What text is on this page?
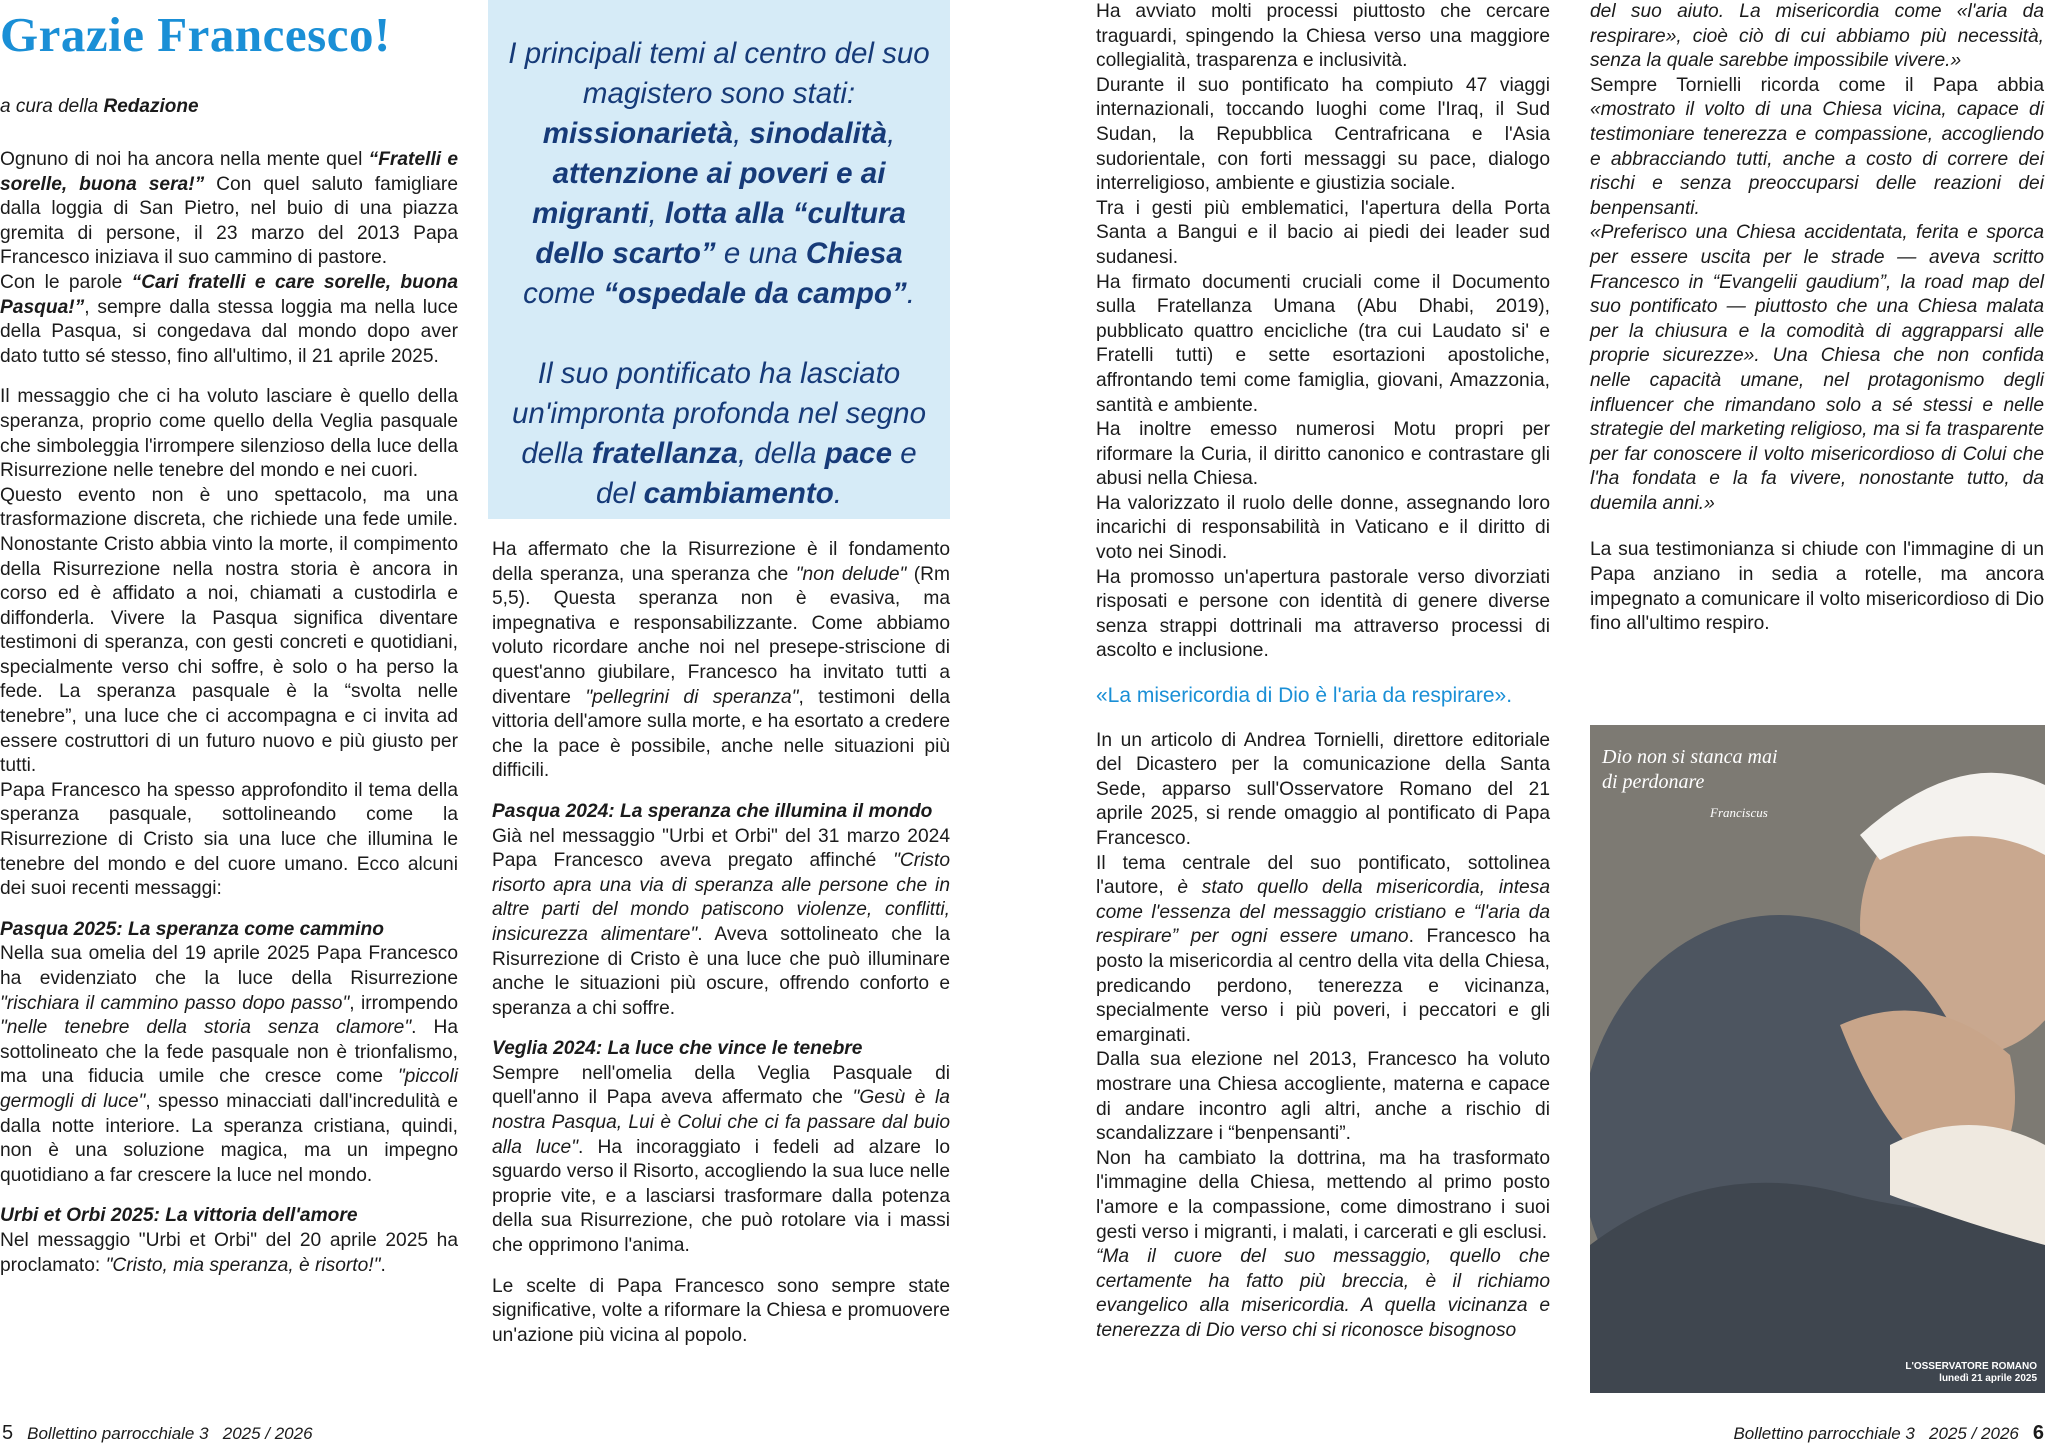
Grazie Francesco!
a cura della Redazione

Ognuno di noi ha ancora nella mente quel “Fratelli e sorelle, buona sera!” Con quel saluto famigliare dalla loggia di San Pietro, nel buio di una piazza gremita di persone, il 23 marzo del 2013 Papa Francesco iniziava il suo cammino di pastore.

Con le parole “Cari fratelli e care sorelle, buona Pasqua!”, sempre dalla stessa loggia ma nella luce della Pasqua, si congedava dal mondo dopo aver dato tutto sé stesso, fino all'ultimo, il 21 aprile 2025.

Il messaggio che ci ha voluto lasciare è quello della speranza, proprio come quello della Veglia pasquale che simboleggia l'irrompere silenzioso della luce della Risurrezione nelle tenebre del mondo e nei cuori.

Questo evento non è uno spettacolo, ma una trasformazione discreta, che richiede una fede umile. Nonostante Cristo abbia vinto la morte, il compimento della Risurrezione nella nostra storia è ancora in corso ed è affidato a noi, chiamati a custodirla e diffonderla. Vivere la Pasqua significa diventare testimoni di speranza, con gesti concreti e quotidiani, specialmente verso chi soffre, è solo o ha perso la fede. La speranza pasquale è la “svolta nelle tenebre”, una luce che ci accompagna e ci invita ad essere costruttori di un futuro nuovo e più giusto per tutti.

Papa Francesco ha spesso approfondito il tema della speranza pasquale, sottolineando come la Risurrezione di Cristo sia una luce che illumina le tenebre del mondo e del cuore umano. Ecco alcuni dei suoi recenti messaggi:

Pasqua 2025: La speranza come cammino

Nella sua omelia del 19 aprile 2025 Papa Francesco ha evidenziato che la luce della Risurrezione "rischiara il cammino passo dopo passo", irrompendo "nelle tenebre della storia senza clamore". Ha sottolineato che la fede pasquale non è trionfalismo, ma una fiducia umile che cresce come "piccoli germogli di luce", spesso minacciati dall'incredulità e dalla notte interiore. La speranza cristiana, quindi, non è una soluzione magica, ma un impegno quotidiano a far crescere la luce nel mondo.

Urbi et Orbi 2025: La vittoria dell'amore

Nel messaggio "Urbi et Orbi" del 20 aprile 2025 ha proclamato: "Cristo, mia speranza, è risorto!".

I principali temi al centro del suo magistero sono stati: missionarietà, sinodalità, attenzione ai poveri e ai migranti, lotta alla “cultura dello scarto” e una Chiesa come “ospedale da campo”.

Il suo pontificato ha lasciato un'impronta profonda nel segno della fratellanza, della pace e del cambiamento.

Ha affermato che la Risurrezione è il fondamento della speranza, una speranza che "non delude" (Rm 5,5). Questa speranza non è evasiva, ma impegnativa e responsabilizzante. Come abbiamo voluto ricordare anche noi nel presepe-striscione di quest'anno giubilare, Francesco ha invitato tutti a diventare "pellegrini di speranza", testimoni della vittoria dell'amore sulla morte, e ha esortato a credere che la pace è possibile, anche nelle situazioni più difficili.

Pasqua 2024: La speranza che illumina il mondo

Già nel messaggio "Urbi et Orbi" del 31 marzo 2024 Papa Francesco aveva pregato affinché "Cristo risorto apra una via di speranza alle persone che in altre parti del mondo patiscono violenze, conflitti, insicurezza alimentare". Aveva sottolineato che la Risurrezione di Cristo è una luce che può illuminare anche le situazioni più oscure, offrendo conforto e speranza a chi soffre.

Veglia 2024: La luce che vince le tenebre

Sempre nell'omelia della Veglia Pasquale di quell'anno il Papa aveva affermato che "Gesù è la nostra Pasqua, Lui è Colui che ci fa passare dal buio alla luce". Ha incoraggiato i fedeli ad alzare lo sguardo verso il Risorto, accogliendo la sua luce nelle proprie vite, e a lasciarsi trasformare dalla potenza della sua Risurrezione, che può rotolare via i massi che opprimono l'anima.

Le scelte di Papa Francesco sono sempre state significative, volte a riformare la Chiesa e promuovere un'azione più vicina al popolo.

Ha avviato molti processi piuttosto che cercare traguardi, spingendo la Chiesa verso una maggiore collegialità, trasparenza e inclusività.

Durante il suo pontificato ha compiuto 47 viaggi internazionali, toccando luoghi come l'Iraq, il Sud Sudan, la Repubblica Centrafricana e l'Asia sudorientale, con forti messaggi su pace, dialogo interreligioso, ambiente e giustizia sociale.

Tra i gesti più emblematici, l'apertura della Porta Santa a Bangui e il bacio ai piedi dei leader sud sudanesi.

Ha firmato documenti cruciali come il Documento sulla Fratellanza Umana (Abu Dhabi, 2019), pubblicato quattro encicliche (tra cui Laudato si' e Fratelli tutti) e sette esortazioni apostoliche, affrontando temi come famiglia, giovani, Amazzonia, santità e ambiente.

Ha inoltre emesso numerosi Motu propri per riformare la Curia, il diritto canonico e contrastare gli abusi nella Chiesa.

Ha valorizzato il ruolo delle donne, assegnando loro incarichi di responsabilità in Vaticano e il diritto di voto nei Sinodi.

Ha promosso un'apertura pastorale verso divorziati risposati e persone con identità di genere diverse senza strappi dottrinali ma attraverso processi di ascolto e inclusione.

«La misericordia di Dio è l'aria da respirare».

In un articolo di Andrea Tornielli, direttore editoriale del Dicastero per la comunicazione della Santa Sede, apparso sull'Osservatore Romano del 21 aprile 2025, si rende omaggio al pontificato di Papa Francesco.

Il tema centrale del suo pontificato, sottolinea l'autore, è stato quello della misericordia, intesa come l'essenza del messaggio cristiano e “l'aria da respirare” per ogni essere umano. Francesco ha posto la misericordia al centro della vita della Chiesa, predicando perdono, tenerezza e vicinanza, specialmente verso i più poveri, i peccatori e gli emarginati.

Dalla sua elezione nel 2013, Francesco ha voluto mostrare una Chiesa accogliente, materna e capace di andare incontro agli altri, anche a rischio di scandalizzare i “benpensanti”.

Non ha cambiato la dottrina, ma ha trasformato l'immagine della Chiesa, mettendo al primo posto l'amore e la compassione, come dimostrano i suoi gesti verso i migranti, i malati, i carcerati e gli esclusi.

“Ma il cuore del suo messaggio, quello che certamente ha fatto più breccia, è il richiamo evangelico alla misericordia. A quella vicinanza e tenerezza di Dio verso chi si riconosce bisognoso

del suo aiuto. La misericordia come «l'aria da respirare», cioè ciò di cui abbiamo più necessità, senza la quale sarebbe impossibile vivere.»

Sempre Tornielli ricorda come il Papa abbia «mostrato il volto di una Chiesa vicina, capace di testimoniare tenerezza e compassione, accogliendo e abbracciando tutti, anche a costo di correre dei rischi e senza preoccuparsi delle reazioni dei benpensanti.

«Preferisco una Chiesa accidentata, ferita e sporca per essere uscita per le strade — aveva scritto Francesco in “Evangelii gaudium”, la road map del suo pontificato — piuttosto che una Chiesa malata per la chiusura e la comodità di aggrapparsi alle proprie sicurezze». Una Chiesa che non confida nelle capacità umane, nel protagonismo degli influencer che rimandano solo a sé stessi e nelle strategie del marketing religioso, ma si fa trasparente per far conoscere il volto misericordioso di Colui che l'ha fondata e la fa vivere, nonostante tutto, da duemila anni.»

La sua testimonianza si chiude con l'immagine di un Papa anziano in sedia a rotelle, ma ancora impegnato a comunicare il volto misericordioso di Dio fino all'ultimo respiro.

Dio non si stanca mai
di perdonare

Franciscus

L'OSSERVATORE ROMANO
lunedì 21 aprile 2025

5 Bollettino parrocchiale 3   2025 / 2026	Bollettino parrocchiale 3   2025 / 2026 6
